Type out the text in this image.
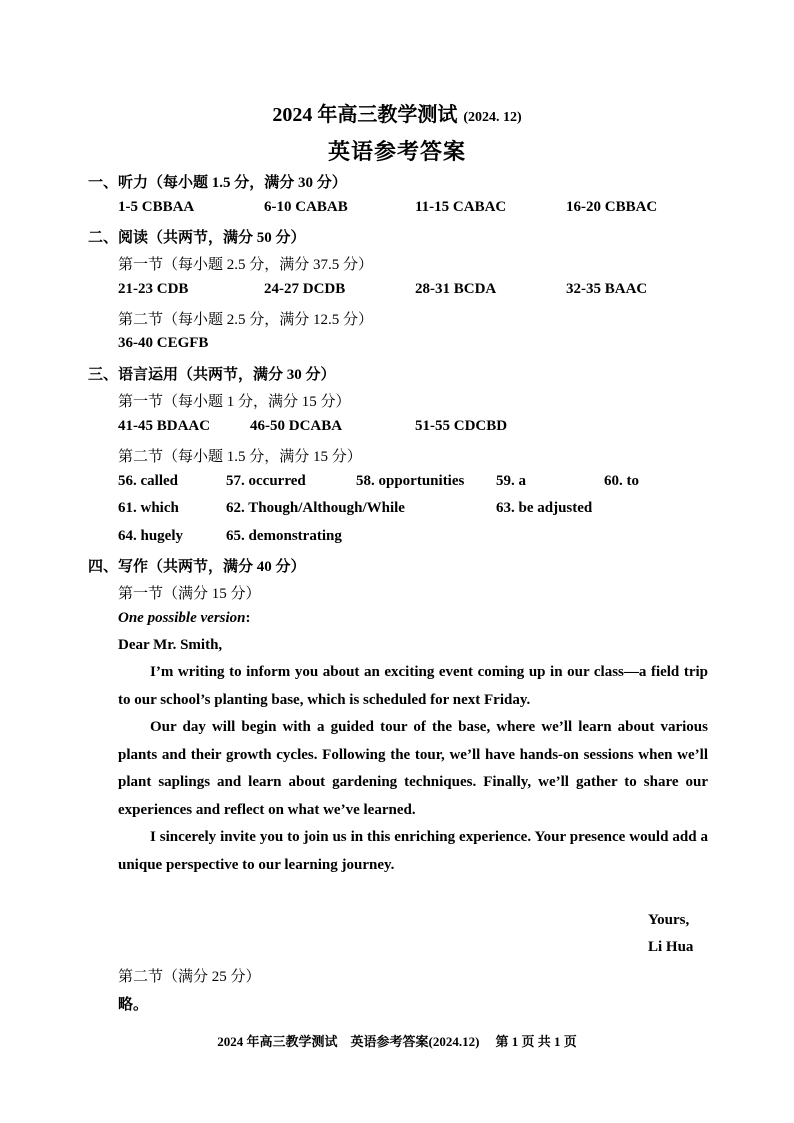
2024 年高三教学测试 (2024. 12)
英语参考答案
一、听力（每小题 1.5 分，满分 30 分）
1-5 CBBAA	6-10 CABAB	11-15 CABAC	16-20 CBBAC
二、阅读（共两节，满分 50 分）
第一节（每小题 2.5 分，满分 37.5 分）
21-23 CDB	24-27 DCDB	28-31 BCDA	32-35 BAAC
第二节（每小题 2.5 分，满分 12.5 分）
36-40 CEGFB
三、语言运用（共两节，满分 30 分）
第一节（每小题 1 分，满分 15 分）
41-45 BDAAC	46-50 DCABA	51-55 CDCBD
第二节（每小题 1.5 分，满分 15 分）
56. called	57. occurred	58. opportunities 59. a	60. to
61. which	62. Though/Although/While	63. be adjusted
64. hugely	65. demonstrating
四、写作（共两节，满分 40 分）
第一节（满分 15 分）
One possible version:
Dear Mr. Smith,
I’m writing to inform you about an exciting event coming up in our class—a field trip to our school’s planting base, which is scheduled for next Friday.
Our day will begin with a guided tour of the base, where we’ll learn about various plants and their growth cycles. Following the tour, we’ll have hands-on sessions when we’ll plant saplings and learn about gardening techniques. Finally, we’ll gather to share our experiences and reflect on what we’ve learned.
I sincerely invite you to join us in this enriching experience. Your presence would add a unique perspective to our learning journey.
Yours,
Li Hua
第二节（满分 25 分）
略。
2024 年高三教学测试　英语参考答案(2024.12) 第 1 页 共 1 页
